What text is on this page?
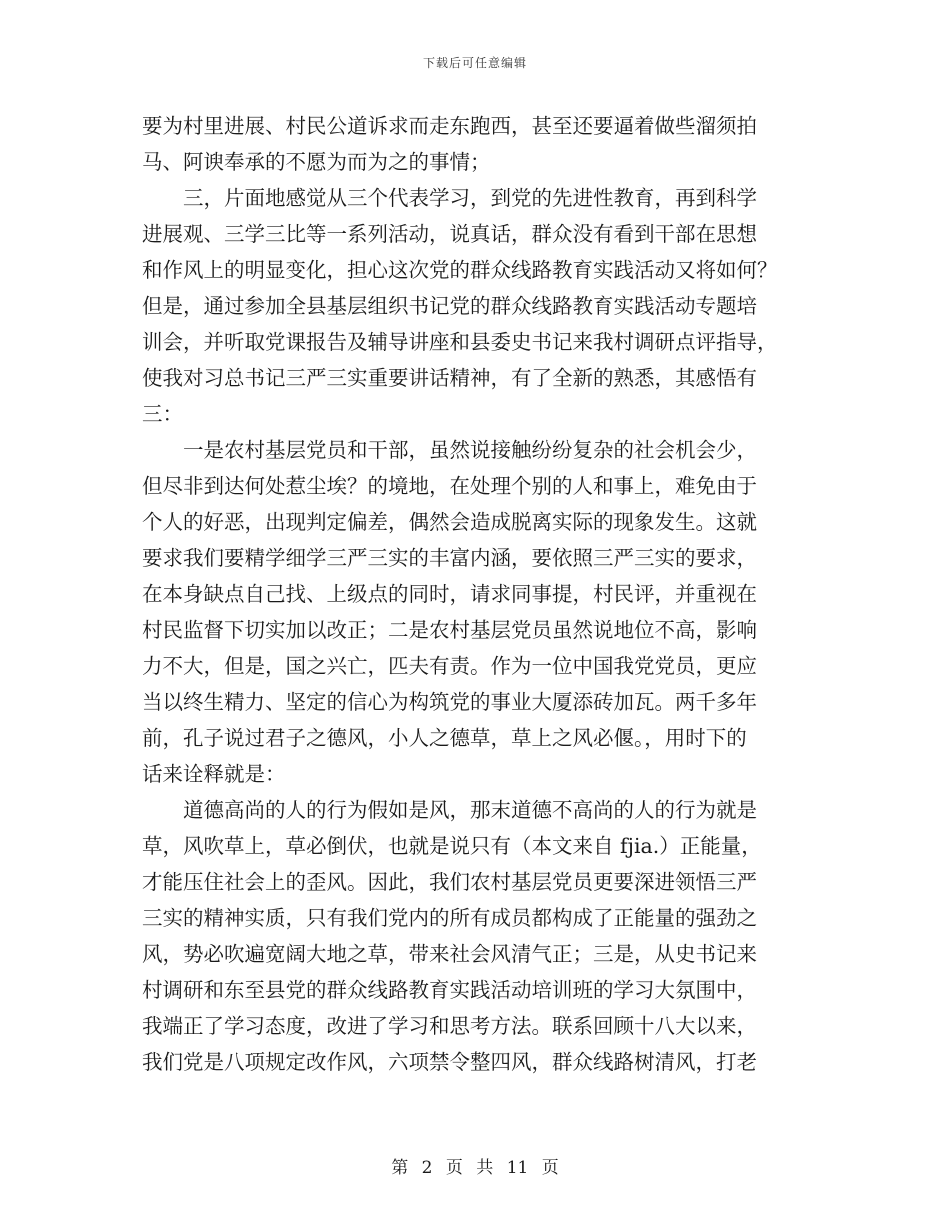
下载后可任意编辑
要为村里进展、村民公道诉求而走东跑西，甚至还要逼着做些溜须拍
马、阿谀奉承的不愿为而为之的事情；
　　三，片面地感觉从三个代表学习，到党的先进性教育，再到科学
进展观、三学三比等一系列活动，说真话，群众没有看到干部在思想
和作风上的明显变化，担心这次党的群众线路教育实践活动又将如何？
但是，通过参加全县基层组织书记党的群众线路教育实践活动专题培
训会，并听取党课报告及辅导讲座和县委史书记来我村调研点评指导，
使我对习总书记三严三实重要讲话精神，有了全新的熟悉，其感悟有
三：
　　一是农村基层党员和干部，虽然说接触纷纷复杂的社会机会少，
但尽非到达何处惹尘埃？的境地，在处理个别的人和事上，难免由于
个人的好恶，出现判定偏差，偶然会造成脱离实际的现象发生。这就
要求我们要精学细学三严三实的丰富内涵，要依照三严三实的要求，
在本身缺点自己找、上级点的同时，请求同事提，村民评，并重视在
村民监督下切实加以改正；二是农村基层党员虽然说地位不高，影响
力不大，但是，国之兴亡，匹夫有责。作为一位中国我党党员，更应
当以终生精力、坚定的信心为构筑党的事业大厦添砖加瓦。两千多年
前，孔子说过君子之德风，小人之德草，草上之风必偃。，用时下的
话来诠释就是：
　　道德高尚的人的行为假如是风，那末道德不高尚的人的行为就是
草，风吹草上，草必倒伏，也就是说只有（本文来自 fjia.）正能量，
才能压住社会上的歪风。因此，我们农村基层党员更要深进领悟三严
三实的精神实质，只有我们党内的所有成员都构成了正能量的强劲之
风，势必吹遍宽阔大地之草，带来社会风清气正；三是，从史书记来
村调研和东至县党的群众线路教育实践活动培训班的学习大氛围中，
我端正了学习态度，改进了学习和思考方法。联系回顾十八大以来，
我们党是八项规定改作风，六项禁令整四风，群众线路树清风，打老
第 2 页 共 11 页
